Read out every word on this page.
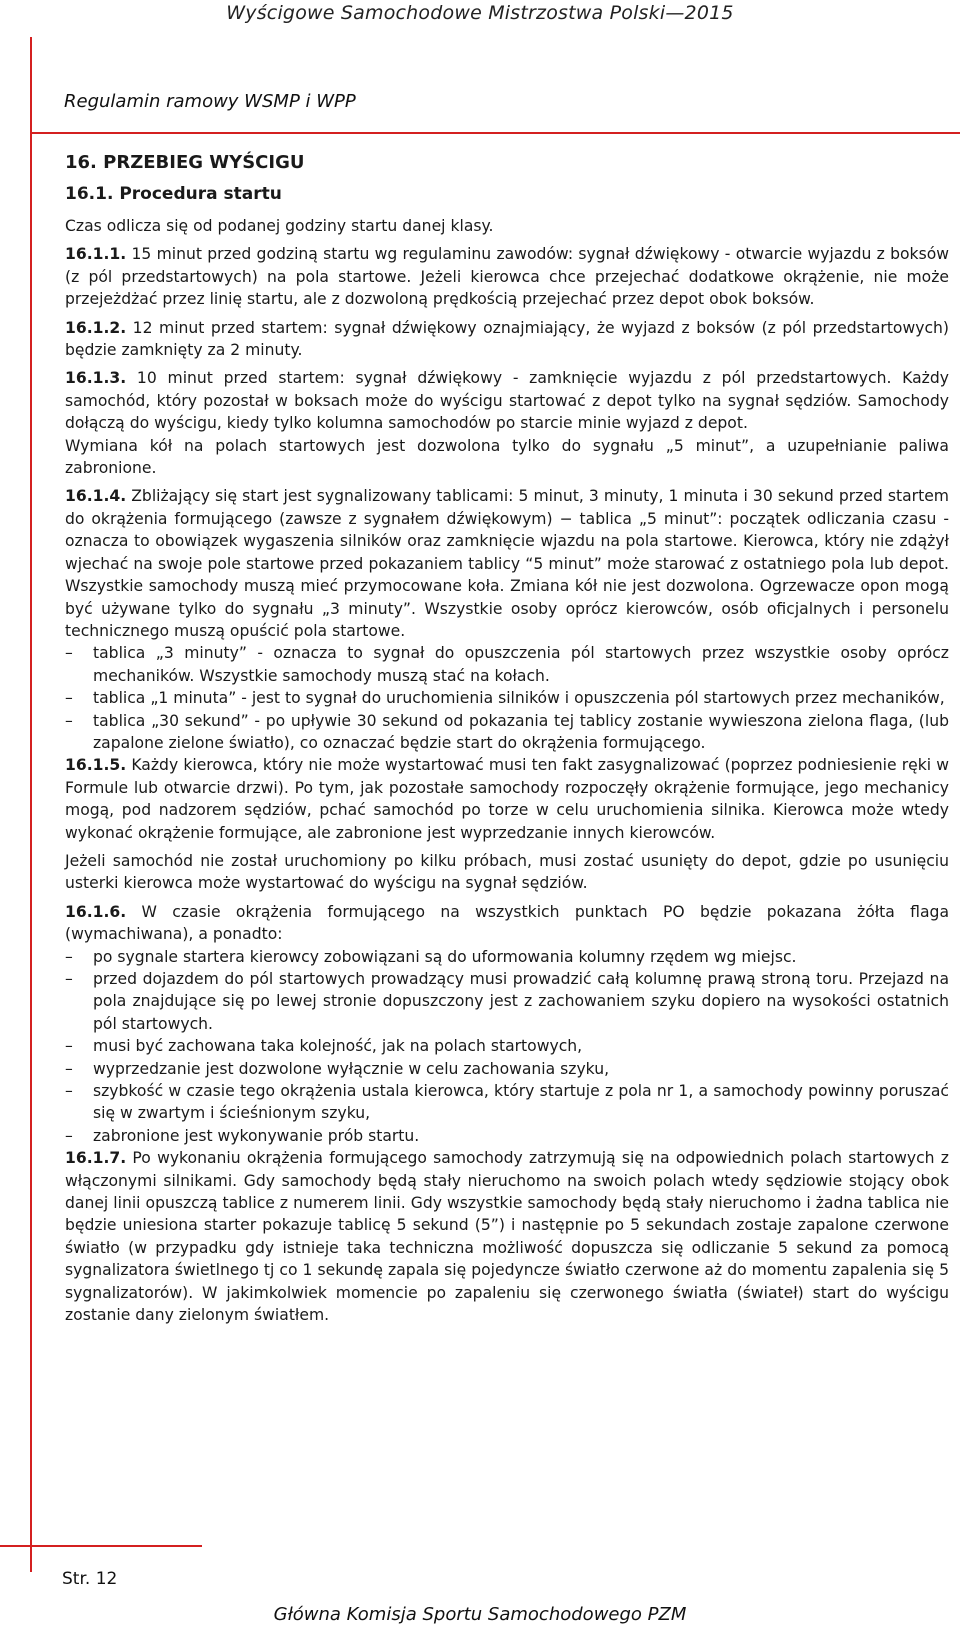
Wyścigowe Samochodowe Mistrzostwa Polski—2015
Regulamin ramowy WSMP i WPP

16. PRZEBIEG WYŚCIGU

16.1. Procedura startu

Czas odlicza się od podanej godziny startu danej klasy.

16.1.1. 15 minut przed godziną startu wg regulaminu zawodów: sygnał dźwiękowy - otwarcie wyjazdu z boksów (z pól przedstartowych) na pola startowe. Jeżeli kierowca chce przejechać dodatkowe okrążenie, nie może przejeżdżać przez linię startu, ale z dozwoloną prędkością przejechać przez depot obok boksów.

16.1.2. 12 minut przed startem: sygnał dźwiękowy oznajmiający, że wyjazd z boksów (z pól przedstartowych) będzie zamknięty za 2 minuty.

16.1.3. 10 minut przed startem: sygnał dźwiękowy - zamknięcie wyjazdu z pól przedstartowych. Każdy samochód, który pozostał w boksach może do wyścigu startować z depot tylko na sygnał sędziów. Samochody dołączą do wyścigu, kiedy tylko kolumna samochodów po starcie minie wyjazd z depot.

Wymiana kół na polach startowych jest dozwolona tylko do sygnału „5 minut”, a uzupełnianie paliwa zabronione.

16.1.4. Zbliżający się start jest sygnalizowany tablicami: 5 minut, 3 minuty, 1 minuta i 30 sekund przed startem do okrążenia formującego (zawsze z sygnałem dźwiękowym) − tablica „5 minut”: początek odliczania czasu - oznacza to obowiązek wygaszenia silników oraz zamknięcie wjazdu na pola startowe. Kierowca, który nie zdążył wjechać na swoje pole startowe przed pokazaniem tablicy “5 minut” może starować z ostatniego pola lub depot. Wszystkie samochody muszą mieć przymocowane koła. Zmiana kół nie jest dozwolona. Ogrzewacze opon mogą być używane tylko do sygnału „3 minuty”. Wszystkie osoby oprócz kierowców, osób oficjalnych i personelu technicznego muszą opuścić pola startowe.

– tablica „3 minuty” - oznacza to sygnał do opuszczenia pól startowych przez wszystkie osoby oprócz mechaników. Wszystkie samochody muszą stać na kołach.
– tablica „1 minuta” - jest to sygnał do uruchomienia silników i opuszczenia pól startowych przez mechaników,
– tablica „30 sekund” - po upływie 30 sekund od pokazania tej tablicy zostanie wywieszona zielona flaga, (lub zapalone zielone światło), co oznaczać będzie start do okrążenia formującego.

16.1.5. Każdy kierowca, który nie może wystartować musi ten fakt zasygnalizować (poprzez podniesienie ręki w Formule lub otwarcie drzwi). Po tym, jak pozostałe samochody rozpoczęły okrążenie formujące, jego mechanicy mogą, pod nadzorem sędziów, pchać samochód po torze w celu uruchomienia silnika. Kierowca może wtedy wykonać okrążenie formujące, ale zabronione jest wyprzedzanie innych kierowców.

Jeżeli samochód nie został uruchomiony po kilku próbach, musi zostać usunięty do depot, gdzie po usunięciu usterki kierowca może wystartować do wyścigu na sygnał sędziów.

16.1.6. W czasie okrążenia formującego na wszystkich punktach PO będzie pokazana żółta flaga (wymachiwana), a ponadto:

– po sygnale startera kierowcy zobowiązani są do uformowania kolumny rzędem wg miejsc.
– przed dojazdem do pól startowych prowadzący musi prowadzić całą kolumnę prawą stroną toru. Przejazd na pola znajdujące się po lewej stronie dopuszczony jest z zachowaniem szyku dopiero na wysokości ostatnich pól startowych.
– musi być zachowana taka kolejność, jak na polach startowych,
– wyprzedzanie jest dozwolone wyłącznie w celu zachowania szyku,
– szybkość w czasie tego okrążenia ustala kierowca, który startuje z pola nr 1, a samochody powinny poruszać się w zwartym i ścieśnionym szyku,
– zabronione jest wykonywanie prób startu.

16.1.7. Po wykonaniu okrążenia formującego samochody zatrzymują się na odpowiednich polach startowych z włączonymi silnikami. Gdy samochody będą stały nieruchomo na swoich polach wtedy sędziowie stojący obok danej linii opuszczą tablice z numerem linii. Gdy wszystkie samochody będą stały nieruchomo i żadna tablica nie będzie uniesiona starter pokazuje tablicę 5 sekund (5”) i następnie po 5 sekundach zostaje zapalone czerwone światło (w przypadku gdy istnieje taka techniczna możliwość dopuszcza się odliczanie 5 sekund za pomocą sygnalizatora świetlnego tj co 1 sekundę zapala się pojedyncze światło czerwone aż do momentu zapalenia się 5 sygnalizatorów). W jakimkolwiek momencie po zapaleniu się czerwonego światła (świateł) start do wyścigu zostanie dany zielonym światłem.

Str. 12
Główna Komisja Sportu Samochodowego PZM
